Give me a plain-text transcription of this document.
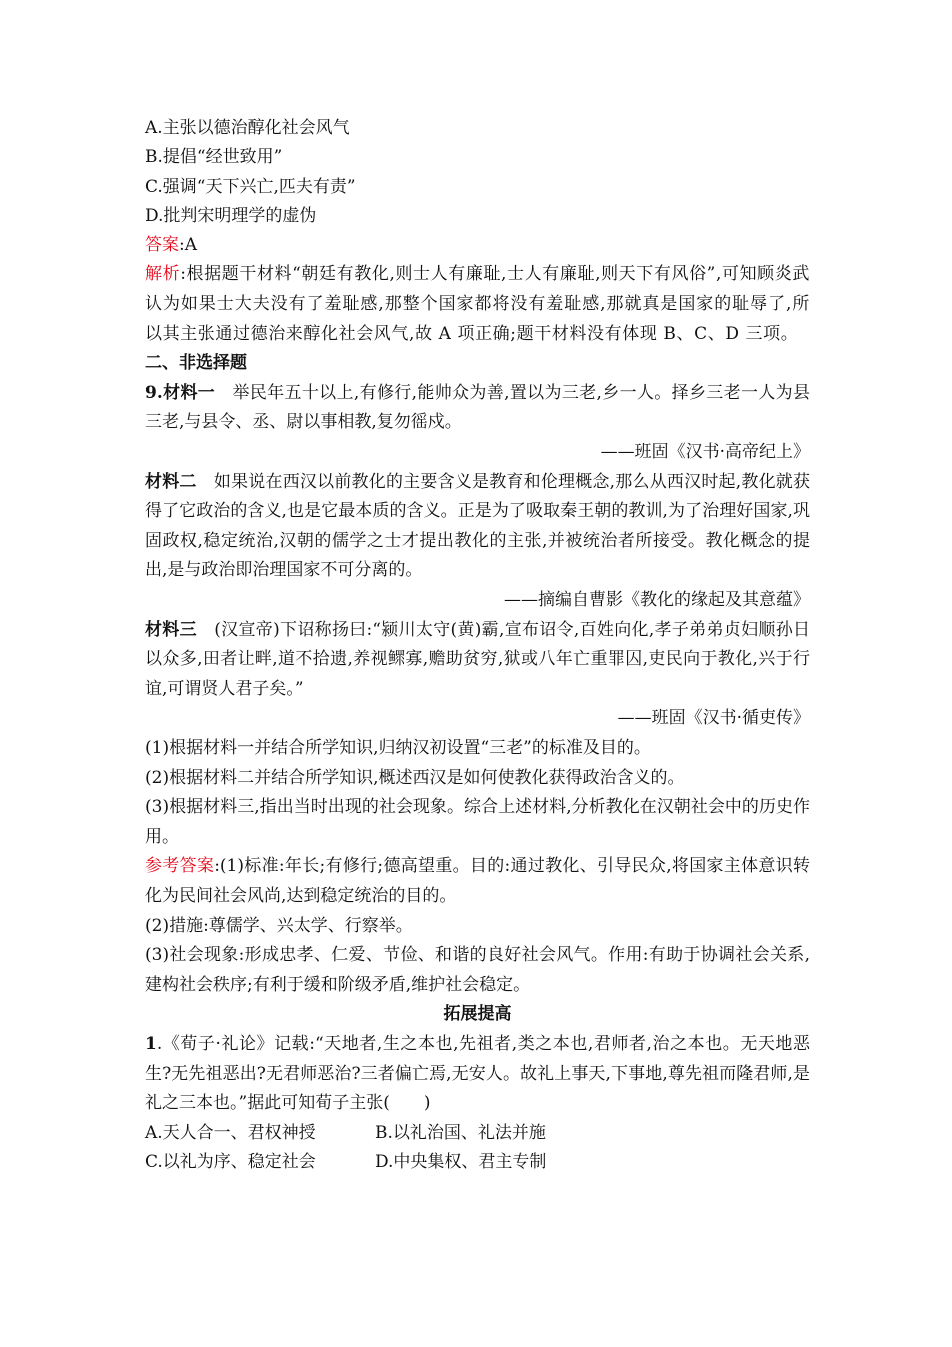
A.主张以德治醇化社会风气
B.提倡“经世致用”
C.强调“天下兴亡,匹夫有责”
D.批判宋明理学的虚伪
答案:A
解析:根据题干材料“朝廷有教化,则士人有廉耻,士人有廉耻,则天下有风俗”,可知顾炎武认为如果士大夫没有了羞耻感,那整个国家都将没有羞耻感,那就真是国家的耻辱了,所以其主张通过德治来醇化社会风气,故 A 项正确;题干材料没有体现 B、C、D 三项。
二、非选择题
9.材料一　 举民年五十以上,有修行,能帅众为善,置以为三老,乡一人。择乡三老一人为县三老,与县令、丞、尉以事相教,复勿徭戍。
——班固《汉书·高帝纪上》
材料二　 如果说在西汉以前教化的主要含义是教育和伦理概念,那么从西汉时起,教化就获得了它政治的含义,也是它最本质的含义。正是为了吸取秦王朝的教训,为了治理好国家,巩固政权,稳定统治,汉朝的儒学之士才提出教化的主张,并被统治者所接受。教化概念的提出,是与政治即治理国家不可分离的。
——摘编自曹影《教化的缘起及其意蕴》
材料三　 (汉宣帝)下诏称扬曰:“颍川太守(黄)霸,宣布诏令,百姓向化,孝子弟弟贞妇顺孙日以众多,田者让畔,道不拾遗,养视鳏寡,赡助贫穷,狱或八年亡重罪囚,吏民向于教化,兴于行谊,可谓贤人君子矣。”
——班固《汉书·循吏传》
(1)根据材料一并结合所学知识,归纳汉初设置“三老”的标准及目的。
(2)根据材料二并结合所学知识,概述西汉是如何使教化获得政治含义的。
(3)根据材料三,指出当时出现的社会现象。综合上述材料,分析教化在汉朝社会中的历史作用。
参考答案:(1)标准:年长;有修行;德高望重。目的:通过教化、引导民众,将国家主体意识转化为民间社会风尚,达到稳定统治的目的。
(2)措施:尊儒学、兴太学、行察举。
(3)社会现象:形成忠孝、仁爱、节俭、和谐的良好社会风气。作用:有助于协调社会关系,建构社会秩序;有利于缓和阶级矛盾,维护社会稳定。
拓展提高
1.《荀子·礼论》记载:“天地者,生之本也,先祖者,类之本也,君师者,治之本也。无天地恶生?无先祖恶出?无君师恶治?三者偏亡焉,无安人。故礼上事天,下事地,尊先祖而隆君师,是礼之三本也。”据此可知荀子主张(　　)
A.天人合一、君权神授	B.以礼治国、礼法并施
C.以礼为序、稳定社会	D.中央集权、君主专制
